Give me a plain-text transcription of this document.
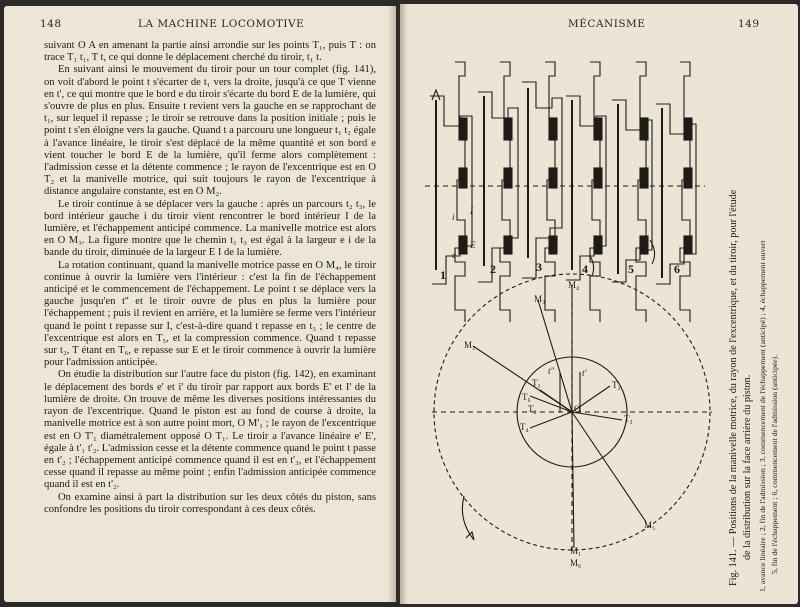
148	LA MACHINE LOCOMOTIVE

suivant O A en amenant la partie ainsi arrondie sur les points T₁, puis T : on trace T₁ t₁, T t, ce qui donne le déplacement cherché du tiroir, t₁ t.

En suivant ainsi le mouvement du tiroir pour un tour complet (fig. 141), on voit d'abord le point t s'écarter de t₁ vers la droite, jusqu'à ce que T vienne en t', ce qui montre que le bord e du tiroir s'écarte du bord E de la lumière, qui s'ouvre de plus en plus. Ensuite t revient vers la gauche en se rapprochant de t₁, sur lequel il repasse ; le tiroir se retrouve dans la position initiale ; puis le point t s'en éloigne vers la gauche. Quand t a parcouru une longueur t₁ t₂ égale à l'avance linéaire, le tiroir s'est déplacé de la même quantité et son bord e vient toucher le bord E de la lumière, qu'il ferme alors complètement : l'admission cesse et la détente commence ; le rayon de l'excentrique est en O T₂ et la manivelle motrice, qui suit toujours le rayon de l'excentrique à distance angulaire constante, est en O M₂.

Le tiroir continue à se déplacer vers la gauche : après un parcours t₂ t₃, le bord intérieur gauche i du tiroir vient rencontrer le bord intérieur I de la lumière, et l'échappement anticipé commence. La manivelle motrice est alors en O M₃. La figure montre que le chemin t₁ t₃ est égal à la largeur e i de la bande du tiroir, diminuée de la largeur E I de la lumière.

La rotation continuant, quand la manivelle motrice passe en O M₄, le tiroir continue à ouvrir la lumière vers l'intérieur : c'est la fin de l'échappement anticipé et le commencement de l'échappement. Le point t se déplace vers la gauche jusqu'en t'' et le tiroir ouvre de plus en plus la lumière pour l'échappement ; puis il revient en arrière, et la lumière se ferme vers l'intérieur quand le point t repasse sur I, c'est-à-dire quand t repasse en t₃ ; le centre de l'excentrique est alors en T₅, et la compression commence. Quand t repasse sur t₂, T étant en T₆, e repasse sur E et le tiroir commence à ouvrir la lumière pour l'admission anticipée.

On étudie la distribution sur l'autre face du piston (fig. 142), en examinant le déplacement des bords e' et i' du tiroir par rapport aux bords E' et I' de la lumière de droite. On trouve de même les diverses positions intéressantes du rayon de l'excentrique. Quand le piston est au fond de course à droite, la manivelle motrice est à son autre point mort, O M'₁ ; le rayon de l'excentrique est en O T'₁ diamétralement opposé O T₁. Le tiroir a l'avance linéaire e' E', égale à t'₁ t'₂. L'admission cesse et la détente commence quand le point t passe en t'₂ ; l'échappement anticipé commence quand il est en t'₃, et l'échappement cesse quand il repasse au même point ; enfin l'admission anticipée commence quand il est en t'₂.

On examine ainsi à part la distribution sur les deux côtés du piston, sans confondre les positions du tiroir correspondant à ces deux côtés.

MÉCANISME	149
1	2	3	4	5	6
E
I
e
i
M₄
M₃
M₂
M₅
M₁
M₆
T₁	T₂
T₃
T₄
T₅
T₆
O
t'
t''	Fig. 141. — Positions de la manivelle motrice, du rayon de l'excentrique, et du tiroir, pour l'étude de la distribution sur la face arrière du piston. 1, avance linéaire ; 2, fin de l'admission ; 3, commencement de l'échappement (anticipé) ; 4, échappement ouvert 5, fin de l'échappement ; 6, commencement de l'admission (anticipée).
